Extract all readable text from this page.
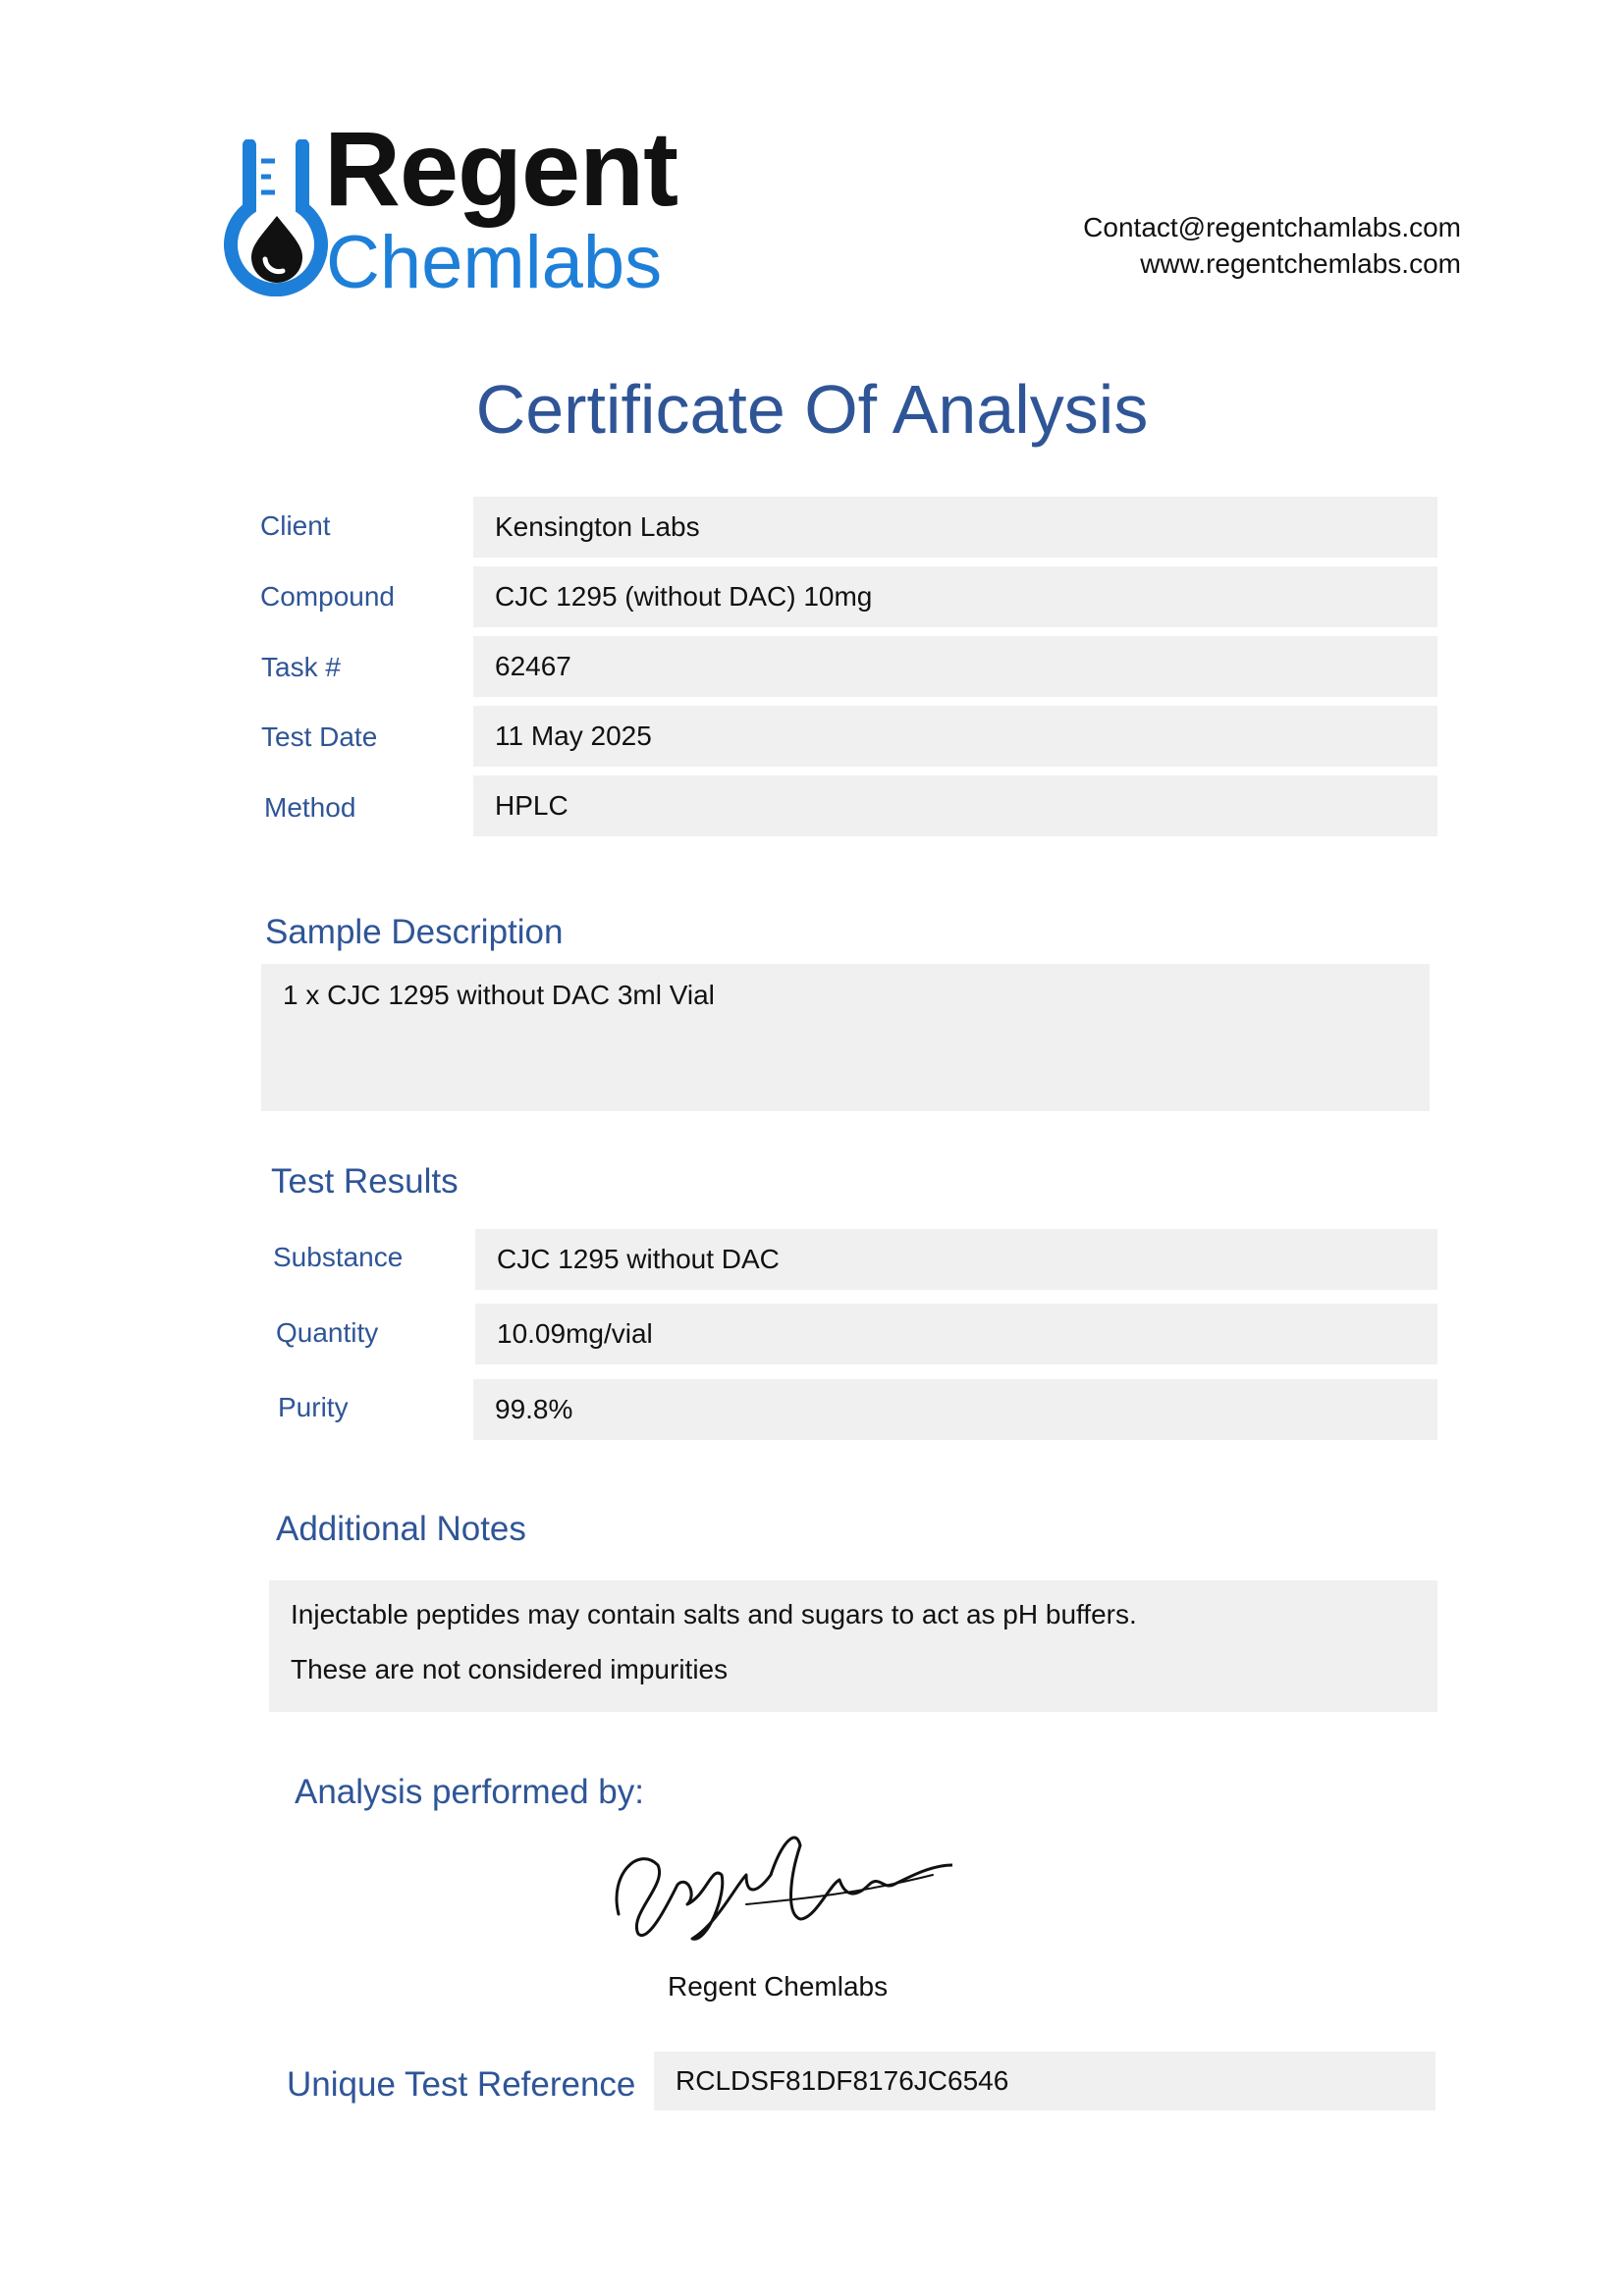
Regent
Chemlabs	Contact@regentchamlabs.com
www.regentchemlabs.com
Certificate Of Analysis
Client	Kensington Labs
Compound	CJC 1295 (without DAC) 10mg
Task #	62467
Test Date	11 May 2025
Method	HPLC
Sample Description
1 x CJC 1295 without DAC 3ml Vial
Test Results
Substance	CJC 1295 without DAC
Quantity	10.09mg/vial
Purity	99.8%
Additional Notes

Injectable peptides may contain salts and sugars to act as pH buffers.

These are not considered impurities

Analysis performed by:
Regent Chemlabs
Unique Test Reference	RCLDSF81DF8176JC6546
